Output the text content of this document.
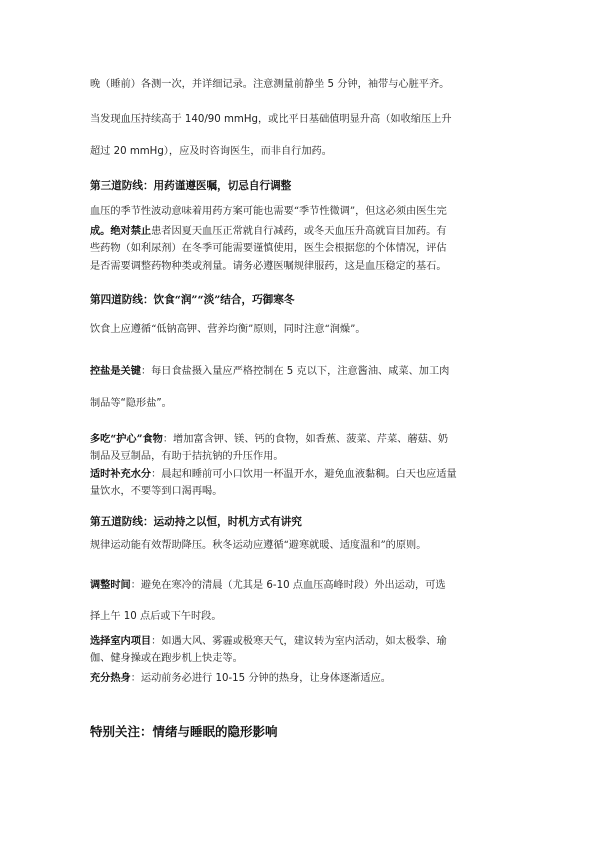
晚（睡前）各测一次，并详细记录。注意测量前静坐 5 分钟，袖带与心脏平齐。
当发现血压持续高于 140/90 mmHg，或比平日基础值明显升高（如收缩压上升
超过 20 mmHg），应及时咨询医生，而非自行加药。
第三道防线：用药谨遵医嘱，切忌自行调整
血压的季节性波动意味着用药方案可能也需要“季节性微调”，但这必须由医生完
成。绝对禁止患者因夏天血压正常就自行减药，或冬天血压升高就盲目加药。有
些药物（如利尿剂）在冬季可能需要谨慎使用，医生会根据您的个体情况，评估
是否需要调整药物种类或剂量。请务必遵医嘱规律服药，这是血压稳定的基石。
第四道防线：饮食“润”“淡”结合，巧御寒冬
饮食上应遵循“低钠高钾、营养均衡”原则，同时注意“润燥”。
控盐是关键：每日食盐摄入量应严格控制在 5 克以下，注意酱油、咸菜、加工肉
制品等“隐形盐”。
多吃“护心”食物：增加富含钾、镁、钙的食物，如香蕉、菠菜、芹菜、蘑菇、奶
制品及豆制品，有助于拮抗钠的升压作用。
适时补充水分：晨起和睡前可小口饮用一杯温开水，避免血液黏稠。白天也应适量
量饮水，不要等到口渴再喝。
第五道防线：运动持之以恒，时机方式有讲究
规律运动能有效帮助降压。秋冬运动应遵循“避寒就暖、适度温和”的原则。
调整时间：避免在寒冷的清晨（尤其是 6-10 点血压高峰时段）外出运动，可选
择上午 10 点后或下午时段。
选择室内项目：如遇大风、雾霾或极寒天气，建议转为室内活动，如太极拳、瑜
伽、健身操或在跑步机上快走等。
充分热身：运动前务必进行 10-15 分钟的热身，让身体逐渐适应。
特别关注：情绪与睡眠的隐形影响
